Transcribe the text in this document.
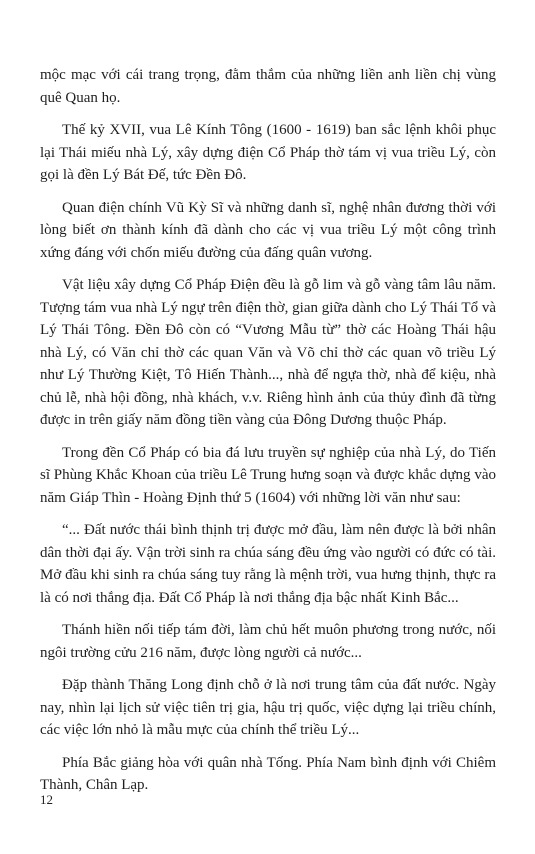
mộc mạc với cái trang trọng, đằm thắm của những liền anh liền chị vùng quê Quan họ.

Thế kỷ XVII, vua Lê Kính Tông (1600 - 1619) ban sắc lệnh khôi phục lại Thái miếu nhà Lý, xây dựng điện Cổ Pháp thờ tám vị vua triều Lý, còn gọi là đền Lý Bát Đế, tức Đền Đô.

Quan điện chính Vũ Kỳ Sĩ và những danh sĩ, nghệ nhân đương thời với lòng biết ơn thành kính đã dành cho các vị vua triều Lý một công trình xứng đáng với chốn miếu đường của đấng quân vương.

Vật liệu xây dựng Cổ Pháp Điện đều là gỗ lim và gỗ vàng tâm lâu năm. Tượng tám vua nhà Lý ngự trên điện thờ, gian giữa dành cho Lý Thái Tổ và Lý Thái Tông. Đền Đô còn có “Vương Mẫu từ” thờ các Hoàng Thái hậu nhà Lý, có Văn chỉ thờ các quan Văn và Võ chỉ thờ các quan võ triều Lý như Lý Thường Kiệt, Tô Hiến Thành..., nhà để ngựa thờ, nhà để kiệu, nhà chủ lễ, nhà hội đồng, nhà khách, v.v. Riêng hình ảnh của thủy đình đã từng được in trên giấy năm đồng tiền vàng của Đông Dương thuộc Pháp.

Trong đền Cổ Pháp có bia đá lưu truyền sự nghiệp của nhà Lý, do Tiến sĩ Phùng Khắc Khoan của triều Lê Trung hưng soạn và được khắc dựng vào năm Giáp Thìn - Hoàng Định thứ 5 (1604) với những lời văn như sau:

“... Đất nước thái bình thịnh trị được mở đầu, làm nên được là bởi nhân dân thời đại ấy. Vận trời sinh ra chúa sáng đều ứng vào người có đức có tài. Mở đầu khi sinh ra chúa sáng tuy rằng là mệnh trời, vua hưng thịnh, thực ra là có nơi thắng địa. Đất Cổ Pháp là nơi thắng địa bậc nhất Kinh Bắc...

Thánh hiền nối tiếp tám đời, làm chủ hết muôn phương trong nước, nối ngôi trường cửu 216 năm, được lòng người cả nước...

Đặp thành Thăng Long định chỗ ở là nơi trung tâm của đất nước. Ngày nay, nhìn lại lịch sử việc tiên trị gia, hậu trị quốc, việc dựng lại triều chính, các việc lớn nhỏ là mẫu mực của chính thể triều Lý...

Phía Bắc giảng hòa với quân nhà Tống. Phía Nam bình định với Chiêm Thành, Chân Lạp.

12
